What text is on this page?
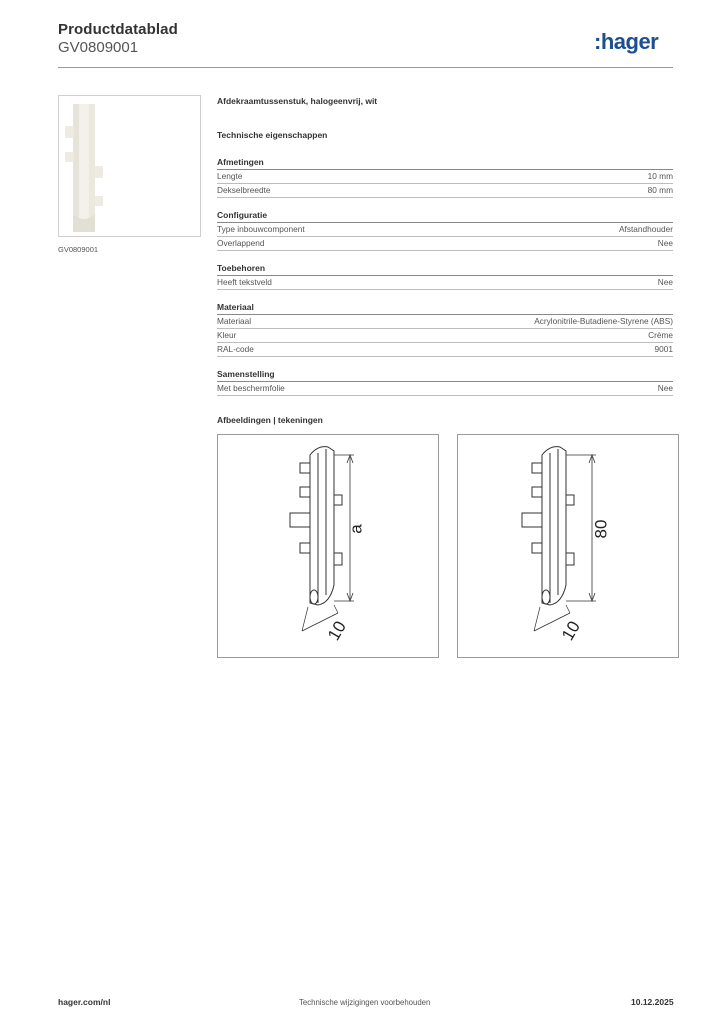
Productdatablad
GV0809001	:hager
GV0809001
Afdekraamtussenstuk, halogeenvrij, wit
Technische eigenschappen
Afmetingen
Lengte	10 mm
Dekselbreedte	80 mm
Configuratie
Type inbouwcomponent	Afstandhouder
Overlappend	Nee
Toebehoren
Heeft tekstveld	Nee
Materiaal
Materiaal	Acrylonitrile-Butadiene-Styrene (ABS)
Kleur	Crème
RAL-code	9001
Samenstelling
Met beschermfolie	Nee
Afbeeldingen | tekeningen
a
10
80
10
hager.com/nl	Technische wijzigingen voorbehouden	10.12.2025
